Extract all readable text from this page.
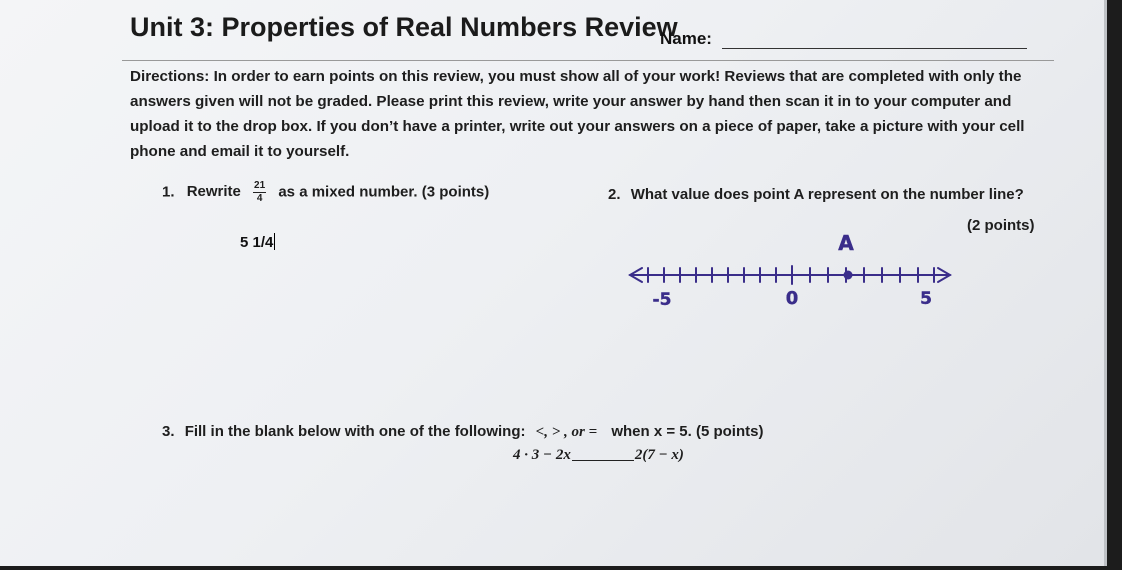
Unit 3: Properties of Real Numbers Review
Name:
Directions: In order to earn points on this review, you must show all of your work! Reviews that are completed with only the answers given will not be graded. Please print this review, write your answer by hand then scan it in to your computer and upload it to the drop box. If you don’t have a printer, write out your answers on a piece of paper, take a picture with your cell phone and email it to yourself.
1. Rewrite $\frac{21}{4}$ as a mixed number. (3 points)
5 1/4
2. What value does point A represent on the number line?
(2 points)
A
-5	0	5
3. Fill in the blank below with one of the following: <, > , or = when x = 5. (5 points)
4 · 3 − 2x	2(7 − x)
